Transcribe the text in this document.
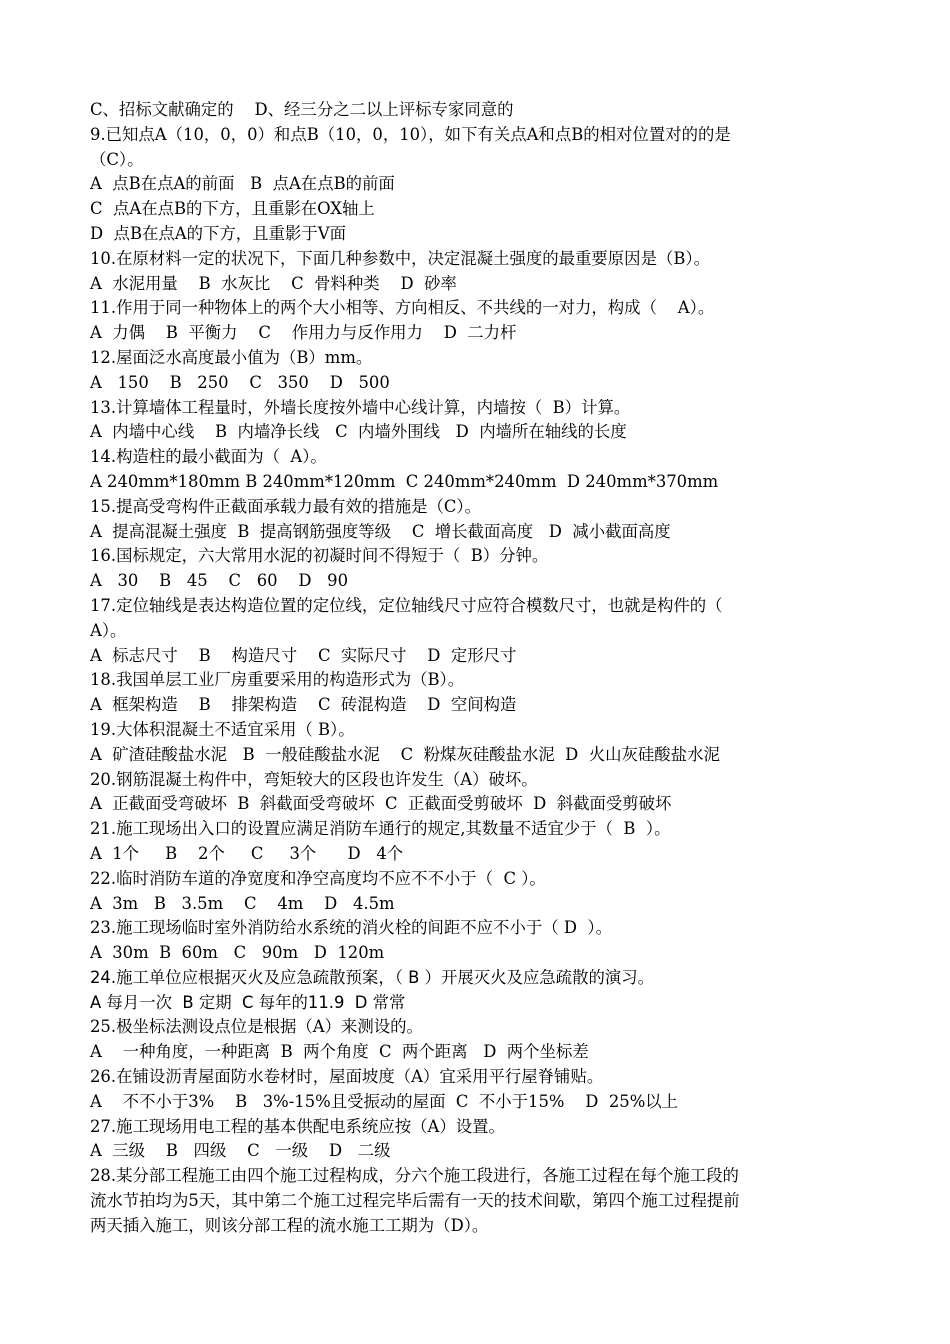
C、招标文献确定的    D、经三分之二以上评标专家同意的

9.已知点A（10，0，0）和点B（10，0，10），如下有关点A和点B的相对位置对的的是

（C）。

A  点B在点A的前面   B  点A在点B的前面

C  点A在点B的下方，且重影在OX轴上

D  点B在点A的下方，且重影于V面

10.在原材料一定的状况下，下面几种参数中，决定混凝土强度的最重要原因是（B）。

A  水泥用量    B  水灰比    C  骨料种类    D  砂率

11.作用于同一种物体上的两个大小相等、方向相反、不共线的一对力，构成（    A）。

A  力偶    B  平衡力    C    作用力与反作用力    D  二力杆

12.屋面泛水高度最小值为（B）mm。

A   150    B   250    C   350    D   500

13.计算墙体工程量时，外墙长度按外墙中心线计算，内墙按（  B）计算。

A  内墙中心线    B  内墙净长线   C  内墙外围线   D  内墙所在轴线的长度

14.构造柱的最小截面为（  A）。

A 240mm*180mm B 240mm*120mm  C 240mm*240mm  D 240mm*370mm

15.提高受弯构件正截面承载力最有效的措施是（C）。

A  提高混凝土强度  B  提高钢筋强度等级    C  增长截面高度   D  减小截面高度

16.国标规定，六大常用水泥的初凝时间不得短于（  B）分钟。

A   30    B   45    C   60    D   90

17.定位轴线是表达构造位置的定位线，定位轴线尺寸应符合模数尺寸，也就是构件的（

A）。

A  标志尺寸    B    构造尺寸    C  实际尺寸    D  定形尺寸

18.我国单层工业厂房重要采用的构造形式为（B）。

A  框架构造    B    排架构造    C  砖混构造    D  空间构造

19.大体积混凝土不适宜采用（ B）。

A  矿渣硅酸盐水泥   B  一般硅酸盐水泥    C  粉煤灰硅酸盐水泥  D  火山灰硅酸盐水泥

20.钢筋混凝土构件中，弯矩较大的区段也许发生（A）破坏。

A  正截面受弯破坏  B  斜截面受弯破坏  C  正截面受剪破坏  D  斜截面受剪破坏

21.施工现场出入口的设置应满足消防车通行的规定,其数量不适宜少于（  B  ）。

A  1个     B    2个     C     3个      D   4个

22.临时消防车道的净宽度和净空高度均不应不不小于（  C ）。

A  3m   B   3.5m    C    4m    D   4.5m

23.施工现场临时室外消防给水系统的消火栓的间距不应不小于（ D  ）。

A  30m  B  60m   C   90m   D  120m

24.施工单位应根据灭火及应急疏散预案，（ B ）开展灭火及应急疏散的演习。

A 每月一次  B 定期  C 每年的11.9  D 常常

25.极坐标法测设点位是根据（A）来测设的。

A    一种角度，一种距离  B  两个角度  C  两个距离   D  两个坐标差

26.在铺设沥青屋面防水卷材时，屋面坡度（A）宜采用平行屋脊铺贴。

A    不不小于3%    B   3%-15%且受振动的屋面  C  不小于15%    D  25%以上

27.施工现场用电工程的基本供配电系统应按（A）设置。

A  三级    B   四级    C   一级    D   二级

28.某分部工程施工由四个施工过程构成，分六个施工段进行，各施工过程在每个施工段的

流水节拍均为5天，其中第二个施工过程完毕后需有一天的技术间歇，第四个施工过程提前

两天插入施工，则该分部工程的流水施工工期为（D）。
